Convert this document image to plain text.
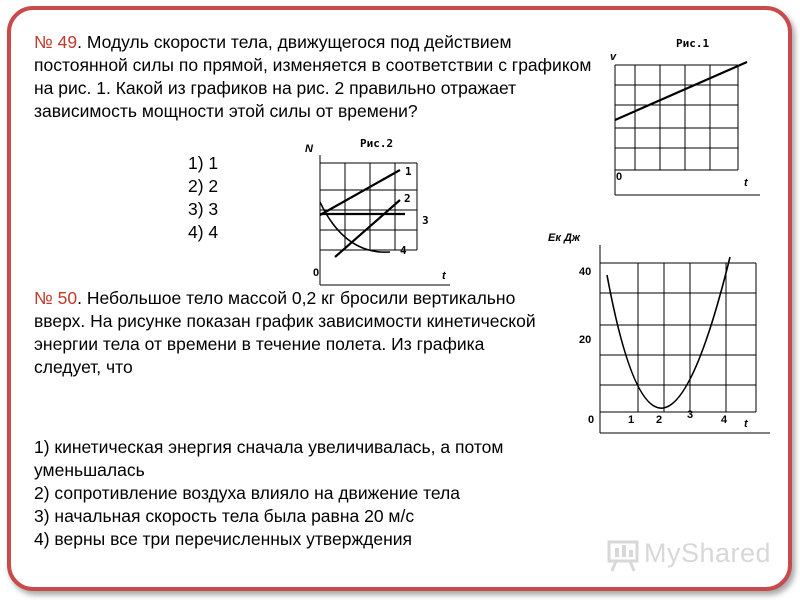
№ 49. Модуль скорости тела, движущегося под действием постоянной силы по прямой, изменяется в соответствии с графиком на рис. 1. Какой из графиков на рис. 2 правильно отражает зависимость мощности этой силы от времени?
1) 1
2) 2
3) 3
4) 4
Рис.1
v
0	t
Рис.2
N
1
2
3
4
0	t
№ 50. Небольшое тело массой 0,2 кг бросили вертикально вверх. На рисунке показан график зависимости кинетической энергии тела от времени в течение полета. Из графика следует, что
Ек Дж
40
20
0	1 2 3	4 t
1) кинетическая энергия сначала увеличивалась, а потом уменьшалась
2) сопротивление воздуха влияло на движение тела
3) начальная скорость тела была равна 20 м/с
4) верны все три перечисленных утверждения	MyShared
